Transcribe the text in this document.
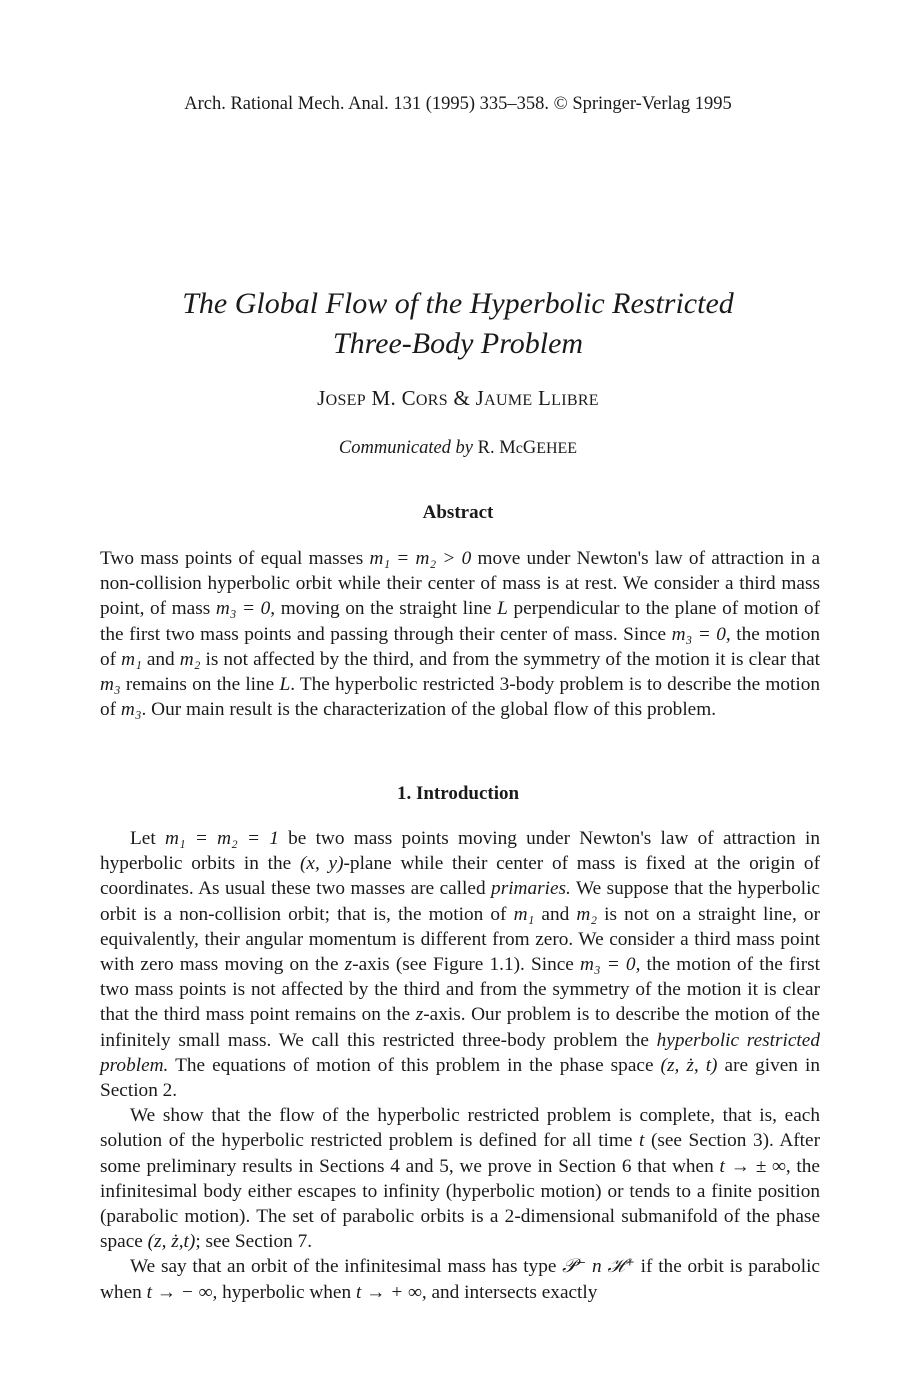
Arch. Rational Mech. Anal. 131 (1995) 335–358. © Springer-Verlag 1995
The Global Flow of the Hyperbolic Restricted
Three-Body Problem
JOSEP M. CORS & JAUME LLIBRE
Communicated by R. McGEHEE
Abstract

Two mass points of equal masses m₁ = m₂ > 0 move under Newton's law of attraction in a non-collision hyperbolic orbit while their center of mass is at rest. We consider a third mass point, of mass m₃ = 0, moving on the straight line L perpendicular to the plane of motion of the first two mass points and passing through their center of mass. Since m₃ = 0, the motion of m₁ and m₂ is not affected by the third, and from the symmetry of the motion it is clear that m₃ remains on the line L. The hyperbolic restricted 3-body problem is to describe the motion of m₃. Our main result is the characterization of the global flow of this problem.

1. Introduction

Let m₁ = m₂ = 1 be two mass points moving under Newton's law of attraction in hyperbolic orbits in the (x, y)-plane while their center of mass is fixed at the origin of coordinates. As usual these two masses are called primaries. We suppose that the hyperbolic orbit is a non-collision orbit; that is, the motion of m₁ and m₂ is not on a straight line, or equivalently, their angular momentum is different from zero. We consider a third mass point with zero mass moving on the z-axis (see Figure 1.1). Since m₃ = 0, the motion of the first two mass points is not affected by the third and from the symmetry of the motion it is clear that the third mass point remains on the z-axis. Our problem is to describe the motion of the infinitely small mass. We call this restricted three-body problem the hyperbolic restricted problem. The equations of motion of this problem in the phase space (z, ż, t) are given in Section 2.

We show that the flow of the hyperbolic restricted problem is complete, that is, each solution of the hyperbolic restricted problem is defined for all time t (see Section 3). After some preliminary results in Sections 4 and 5, we prove in Section 6 that when t → ± ∞, the infinitesimal body either escapes to infinity (hyperbolic motion) or tends to a finite position (parabolic motion). The set of parabolic orbits is a 2-dimensional submanifold of the phase space (z, ż,t); see Section 7.

We say that an orbit of the infinitesimal mass has type 𝒫⁻ n ℋ⁺ if the orbit is parabolic when t → − ∞, hyperbolic when t → + ∞, and intersects exactly
